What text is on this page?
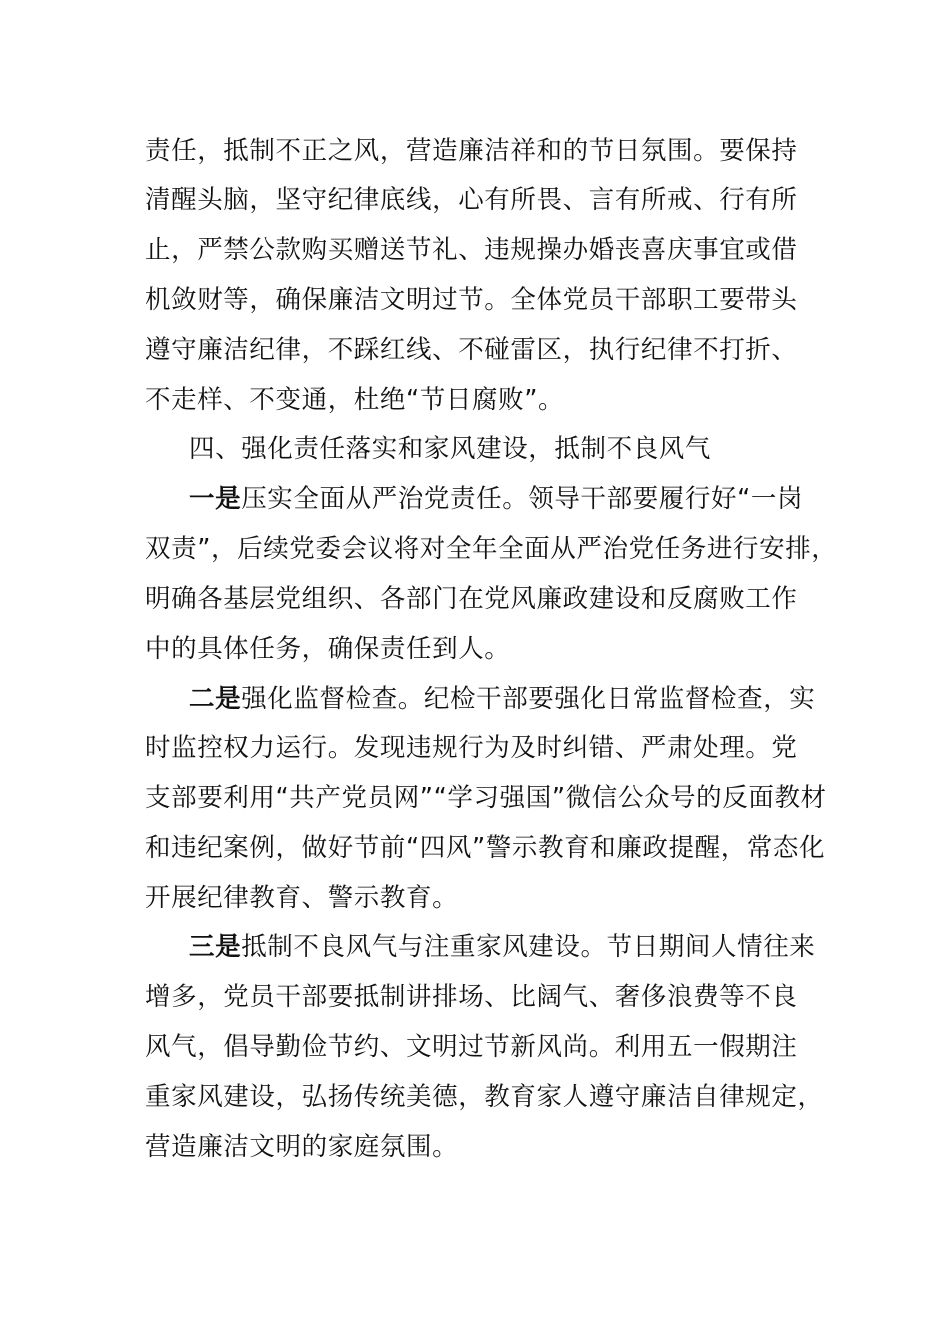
责任，抵制不正之风，营造廉洁祥和的节日氛围。要保持
清醒头脑，坚守纪律底线，心有所畏、言有所戒、行有所
止，严禁公款购买赠送节礼、违规操办婚丧喜庆事宜或借
机敛财等，确保廉洁文明过节。全体党员干部职工要带头
遵守廉洁纪律，不踩红线、不碰雷区，执行纪律不打折、
不走样、不变通，杜绝“节日腐败”。
四、强化责任落实和家风建设，抵制不良风气
一是压实全面从严治党责任。领导干部要履行好“一岗
双责”，后续党委会议将对全年全面从严治党任务进行安排，
明确各基层党组织、各部门在党风廉政建设和反腐败工作
中的具体任务，确保责任到人。
二是强化监督检查。纪检干部要强化日常监督检查，实
时监控权力运行。发现违规行为及时纠错、严肃处理。党
支部要利用“共产党员网”“学习强国”微信公众号的反面教材
和违纪案例，做好节前“四风”警示教育和廉政提醒，常态化
开展纪律教育、警示教育。
三是抵制不良风气与注重家风建设。节日期间人情往来
增多，党员干部要抵制讲排场、比阔气、奢侈浪费等不良
风气，倡导勤俭节约、文明过节新风尚。利用五一假期注
重家风建设，弘扬传统美德，教育家人遵守廉洁自律规定，
营造廉洁文明的家庭氛围。
